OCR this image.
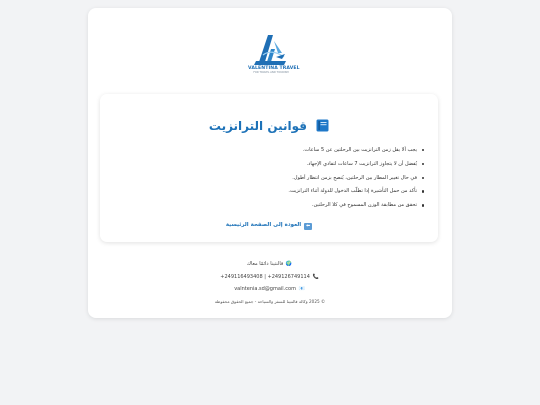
VALENTINA TRAVEL
FOR TRAVEL AND TOURISM
قوانين الترانزيت
يجب ألا يقل زمن الترانزيت بين الرحلتين عن 5 ساعات.
يُفضل أن لا يتجاوز الترانزيت 7 ساعات لتفادي الإجهاد.
في حال تغيير المطار بين الرحلتين، يُنصح بزمن انتظار أطول.
تأكد من حمل التأشيرة إذا تطلّب الدخول للدولة أثناء الترانزيت.
تحقق من مطابقة الوزن المسموح في كلا الرحلتين.
⬅العودة إلى الصفحة الرئيسية
🌍 فالنتينا دائمًا معاك
+249116493408 | +249126749114 📞
valntenia.sd@gmail.com 📧
© 2025 وكالة فالنتينا للسفر والسياحة - جميع الحقوق محفوظة
